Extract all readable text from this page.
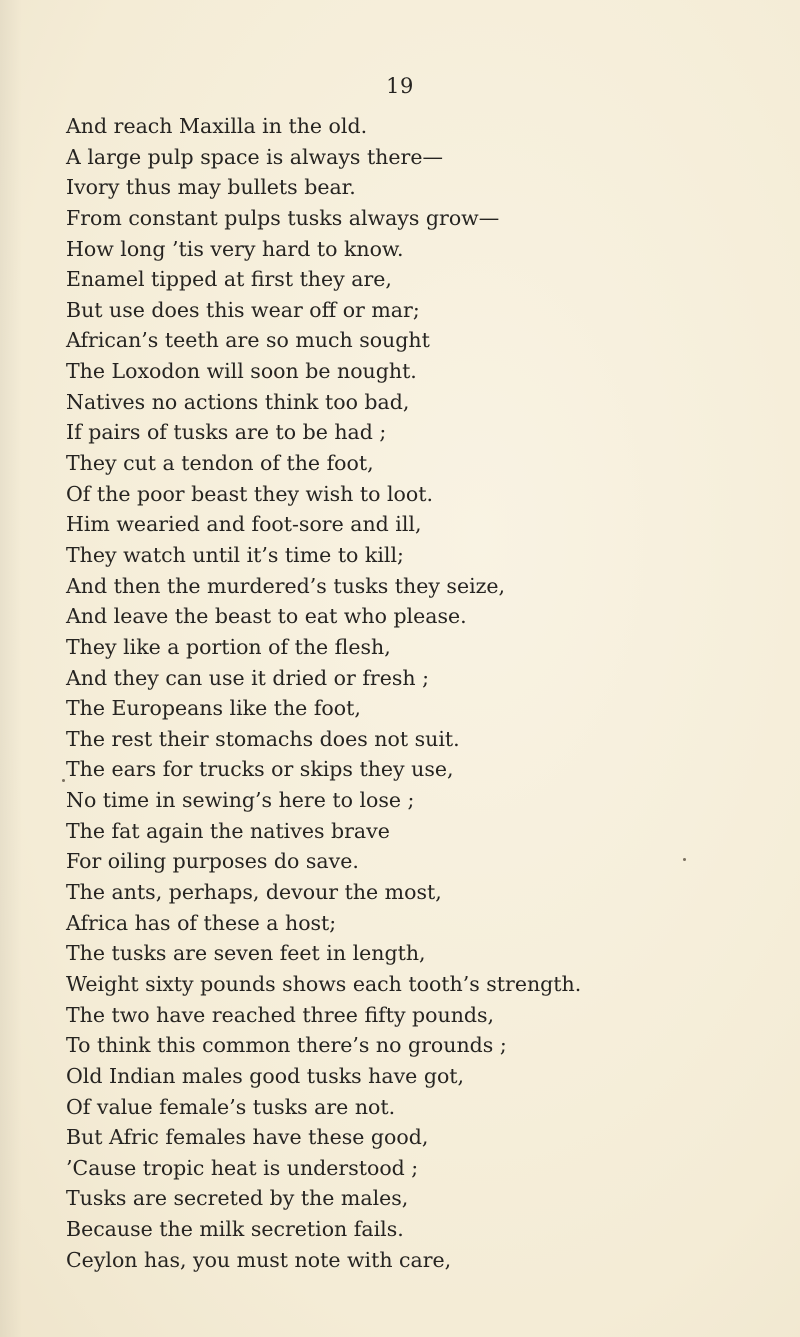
19
And reach Maxilla in the old.
A large pulp space is always there—
Ivory thus may bullets bear.
From constant pulps tusks always grow—
How long ’tis very hard to know.
Enamel tipped at first they are,
But use does this wear off or mar;
African’s teeth are so much sought
The Loxodon will soon be nought.
Natives no actions think too bad,
If pairs of tusks are to be had ;
They cut a tendon of the foot,
Of the poor beast they wish to loot.
Him wearied and foot-sore and ill,
They watch until it’s time to kill;
And then the murdered’s tusks they seize,
And leave the beast to eat who please.
They like a portion of the flesh,
And they can use it dried or fresh ;
The Europeans like the foot,
The rest their stomachs does not suit.
The ears for trucks or skips they use,
No time in sewing’s here to lose ;
The fat again the natives brave
For oiling purposes do save.
The ants, perhaps, devour the most,
Africa has of these a host;
The tusks are seven feet in length,
Weight sixty pounds shows each tooth’s strength.
The two have reached three fifty pounds,
To think this common there’s no grounds ;
Old Indian males good tusks have got,
Of value female’s tusks are not.
But Afric females have these good,
’Cause tropic heat is understood ;
Tusks are secreted by the males,
Because the milk secretion fails.
Ceylon has, you must note with care,
